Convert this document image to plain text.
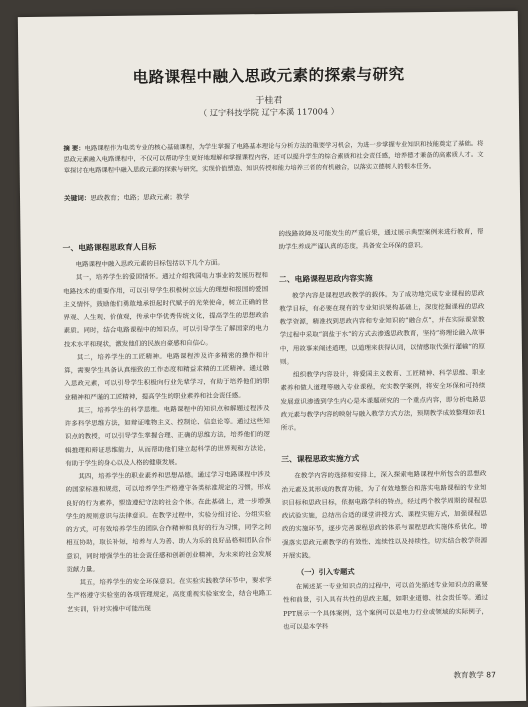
电路课程中融入思政元素的探索与研究
于桂君
（ 辽宁科技学院 辽宁本溪 117004 ）
摘 要：电路课程作为电类专业的核心基础课程，为学生掌握了电路基本理论与分析方法的重要学习机会，为进一步掌握专业知识和技能奠定了基础。将思政元素融入电路课程中，不仅可以帮助学生更好地理解和掌握课程内容，还可以提升学生的综合素质和社会责任感，培养德才兼备的高素质人才。文章探讨在电路课程中融入思政元素的探索与研究，实现价值塑造、知识传授和能力培养三者的有机融合，以落实立德树人的根本任务。
关键词：思政教育；电路；思政元素；教学
一、电路课程思政育人目标

电路课程中融入思政元素的目标包括以下几个方面。

其一，培养学生的爱国情怀。通过介绍我国电力事业的发展历程和电路技术的重要作用，可以引导学生积极树立远大的理想和报国的爱国主义情怀，鼓励他们勇敢地承担起时代赋予的光荣使命，树立正确的世界观、人生观、价值观，传承中华优秀传统文化，提高学生的思想政治素质。同时，结合电路课程中的知识点，可以引导学生了解国家的电力技术水平和现状，激发他们的民族自豪感和自信心。

其二，培养学生的工匠精神。电路课程涉及许多精密的操作和计算，需要学生具备认真细致的工作态度和精益求精的工匠精神。通过融入思政元素，可以引导学生积极向行业先辈学习，有助于培养他们的职业精神和严谨的工匠精神，提高学生的职业素养和社会责任感。

其三，培养学生的科学思维。电路课程中的知识点和解题过程涉及许多科学思维方法，如辩证唯物主义、控制论、信息论等。通过这些知识点的教授，可以引导学生掌握合理、正确的思维方法，培养他们的逻辑推理和辩证思维能力，从而帮助他们建立起科学的世界观和方法论，有助于学生的身心以及人格的健康发展。

其四，培养学生的职业素养和思想品德。通过学习电路课程中涉及的国家标准和规范，可以培养学生严格遵守各类标准规定的习惯，形成良好的行为素养，塑造遵纪守法的社会个体。在此基础上，进一步增强学生的规则意识与法律意识。在教学过程中，实验分组讨论、分组实验的方式，可有效培养学生的团队合作精神和良好的行为习惯，同学之间相互协助，取长补短，培养与人为善、助人为乐的良好品格和团队合作意识，同时增强学生的社会责任感和创新创业精神，为未来的社会发展贡献力量。

其五，培养学生的安全环保意识。在实验实践教学环节中，要求学生严格遵守实验室的各项管理规定，高度重视实验室安全，结合电路工艺实训，针对实操中可能出现

的线路故障及可能发生的严重后果，通过展示典型案例来进行教育，帮助学生养成严谨认真的态度，具备安全环保的意识。

二、电路课程思政内容实施

教学内容是课程思政教学的载体。为了成功地完成专业课程的思政教学目标，有必要在现有的专业知识架构基础上，深度挖掘课程的思政教学资源，精准找到思政内容和专业知识的“融合点”，并在实际课堂教学过程中采取“润盐于水”的方式去渗透思政教育，坚持“将理论融入故事中，用故事来阐述道理，以道理来获得认同，以情感取代强行灌输”的原则。

组织教学内容设计，将爱国主义教育、工匠精神、科学思维、职业素养和做人道理等融入专业课程，充实教学案例，将安全环保和可持续发展意识渗透到学生内心是本课题研究的一个重点内容，即分析电路思政元素与教学内容的映射与融入教学方式方法，预期教学成效整理如表1所示。

三、课程思政实施方式

在教学内容的选择和安排上，深入探索电路课程中所包含的思想政治元素及其形成的教育功能，为了有效地整合和落实电路课程的专业知识目标和思政目标，依据电路学科的特点，经过两个教学周期的课程思政试验实施，总结出合适的课堂讲授方式、课程实施方式，加强课程思政的实施环节，逐步完善课程思政的体系与课程思政实施体系优化，增强落实思政元素教学的有效性、连续性以及持续性，切实结合教学资源开展实践。

（一）引入专题式

在阐述某一专业知识点的过程中，可以首先描述专业知识点的重要性和前景，引入具有共性的思政主题，如职业道德、社会责任等。通过PPT展示一个具体案例，这个案例可以是电力行业或领域的实际例子，也可以是本学科

教育教学 87
